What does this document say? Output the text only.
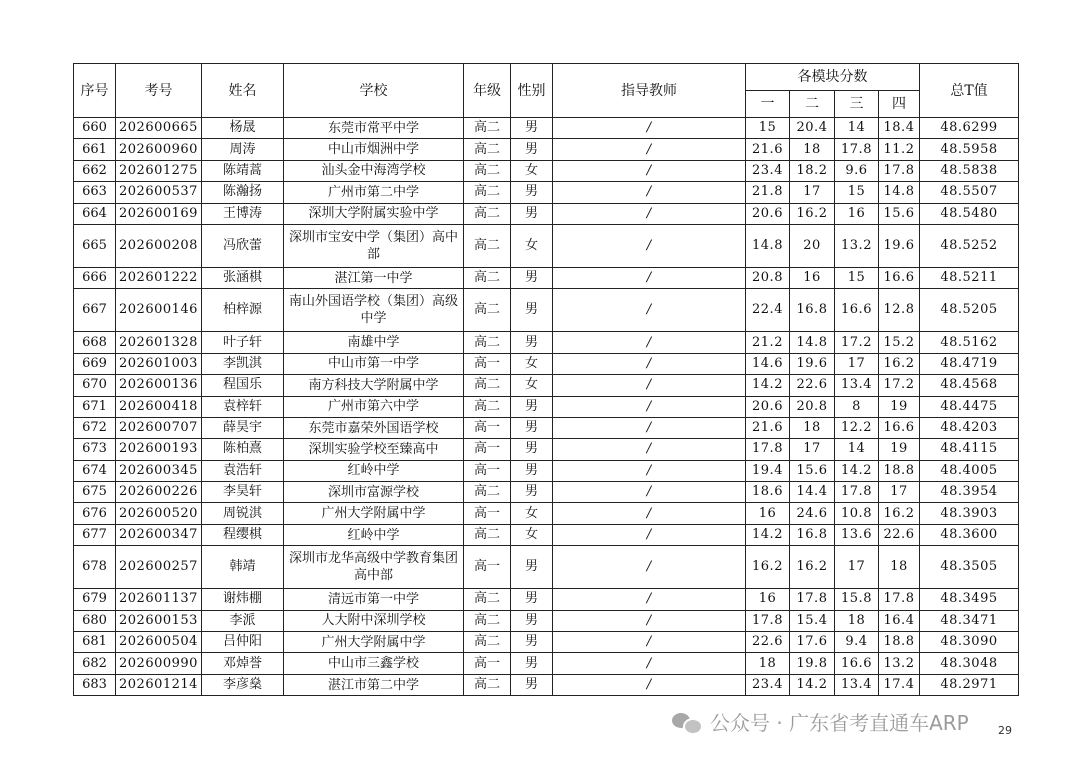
序号	考号	姓名	学校	年级	性别	指导教师	各模块分数				总T值
							一	二	三	四	
660	202600665	杨晟	东莞市常平中学	高二	男	/	15	20.4	14	18.4	48.6299
661	202600960	周涛	中山市烟洲中学	高二	男	/	21.6	18	17.8	11.2	48.5958
662	202601275	陈靖蒿	汕头金中海湾学校	高二	女	/	23.4	18.2	9.6	17.8	48.5838
663	202600537	陈瀚扬	广州市第二中学	高二	男	/	21.8	17	15	14.8	48.5507
664	202600169	王博涛	深圳大学附属实验中学	高二	男	/	20.6	16.2	16	15.6	48.5480
665	202600208	冯欣蕾	深圳市宝安中学（集团）高中部	高二	女	/	14.8	20	13.2	19.6	48.5252
666	202601222	张涵棋	湛江第一中学	高二	男	/	20.8	16	15	16.6	48.5211
667	202600146	柏梓源	南山外国语学校（集团）高级中学	高二	男	/	22.4	16.8	16.6	12.8	48.5205
668	202601328	叶子轩	南雄中学	高二	男	/	21.2	14.8	17.2	15.2	48.5162
669	202601003	李凯淇	中山市第一中学	高一	女	/	14.6	19.6	17	16.2	48.4719
670	202600136	程国乐	南方科技大学附属中学	高二	女	/	14.2	22.6	13.4	17.2	48.4568
671	202600418	袁梓轩	广州市第六中学	高二	男	/	20.6	20.8	8	19	48.4475
672	202600707	薛昊宇	东莞市嘉荣外国语学校	高一	男	/	21.6	18	12.2	16.6	48.4203
673	202600193	陈柏熹	深圳实验学校至臻高中	高一	男	/	17.8	17	14	19	48.4115
674	202600345	袁浩轩	红岭中学	高一	男	/	19.4	15.6	14.2	18.8	48.4005
675	202600226	李昊轩	深圳市富源学校	高二	男	/	18.6	14.4	17.8	17	48.3954
676	202600520	周锐淇	广州大学附属中学	高一	女	/	16	24.6	10.8	16.2	48.3903
677	202600347	程缨棋	红岭中学	高二	女	/	14.2	16.8	13.6	22.6	48.3600
678	202600257	韩靖	深圳市龙华高级中学教育集团高中部	高一	男	/	16.2	16.2	17	18	48.3505
679	202601137	谢炜棚	清远市第一中学	高二	男	/	16	17.8	15.8	17.8	48.3495
680	202600153	李派	人大附中深圳学校	高二	男	/	17.8	15.4	18	16.4	48.3471
681	202600504	吕仲阳	广州大学附属中学	高二	男	/	22.6	17.6	9.4	18.8	48.3090
682	202600990	邓焯誉	中山市三鑫学校	高一	男	/	18	19.8	16.6	13.2	48.3048
683	202601214	李彦燊	湛江市第二中学	高二	男	/	23.4	14.2	13.4	17.4	48.2971
公众号 · 广东省考直通车ARP	29
